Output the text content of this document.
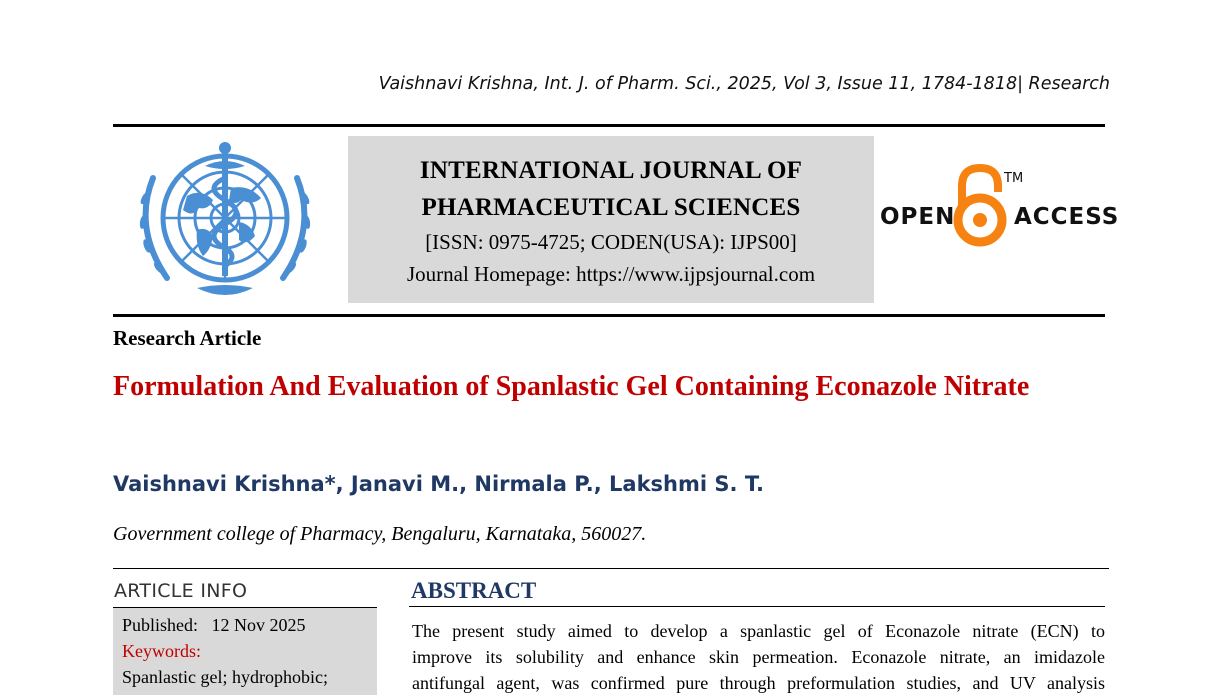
Vaishnavi Krishna, Int. J. of Pharm. Sci., 2025, Vol 3, Issue 11, 1784-1818| Research
INTERNATIONAL JOURNAL OF
PHARMACEUTICAL SCIENCES
[ISSN: 0975-4725; CODEN(USA): IJPS00]
Journal Homepage: https://www.ijpsjournal.com
OPEN	ACCESS
TM
Research Article
Formulation And Evaluation of Spanlastic Gel Containing Econazole Nitrate
Vaishnavi Krishna*, Janavi M., Nirmala P., Lakshmi S. T.
Government college of Pharmacy, Bengaluru, Karnataka, 560027.
ARTICLE INFO
Published: 12 Nov 2025
Keywords:
Spanlastic gel; hydrophobic;
ABSTRACT
The present study aimed to develop a spanlastic gel of Econazole nitrate (ECN) to
improve its solubility and enhance skin permeation. Econazole nitrate, an imidazole
antifungal agent, was confirmed pure through preformulation studies, and UV analysis
